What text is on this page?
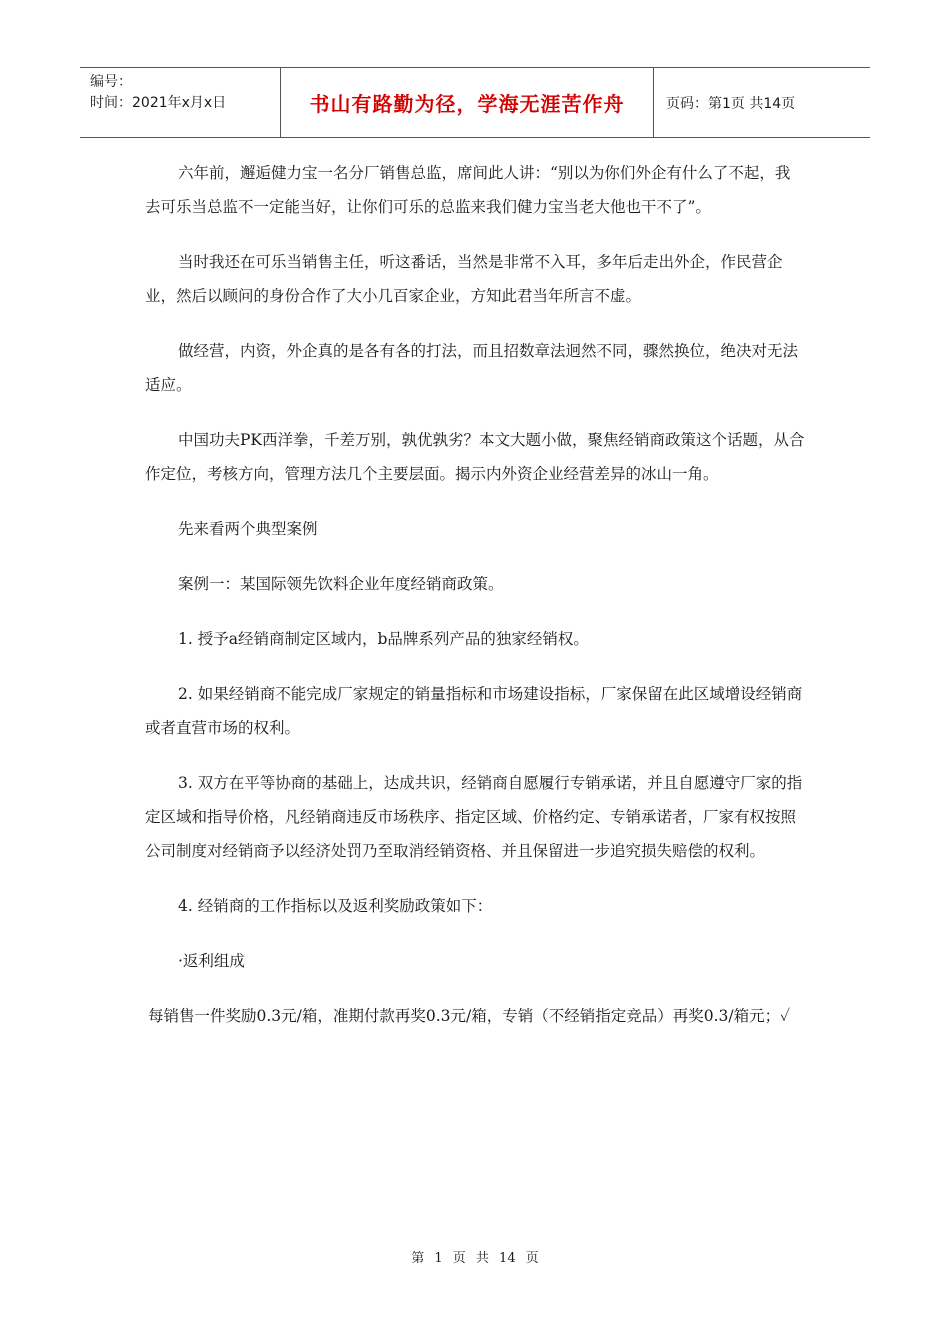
编号：
时间：2021年x月x日	书山有路勤为径，学海无涯苦作舟	页码：第1页 共14页

六年前，邂逅健力宝一名分厂销售总监，席间此人讲：“别以为你们外企有什么了不起，我去可乐当总监不一定能当好，让你们可乐的总监来我们健力宝当老大他也干不了”。

当时我还在可乐当销售主任，听这番话，当然是非常不入耳，多年后走出外企，作民营企业，然后以顾问的身份合作了大小几百家企业，方知此君当年所言不虚。

做经营，内资，外企真的是各有各的打法，而且招数章法迥然不同，骤然换位，绝决对无法适应。

中国功夫PK西洋拳，千差万别，孰优孰劣？本文大题小做，聚焦经销商政策这个话题，从合作定位，考核方向，管理方法几个主要层面。揭示内外资企业经营差异的冰山一角。

先来看两个典型案例

案例一：某国际领先饮料企业年度经销商政策。

1. 授予a经销商制定区域内，b品牌系列产品的独家经销权。

2. 如果经销商不能完成厂家规定的销量指标和市场建设指标，厂家保留在此区域增设经销商或者直营市场的权利。

3. 双方在平等协商的基础上，达成共识，经销商自愿履行专销承诺，并且自愿遵守厂家的指定区域和指导价格，凡经销商违反市场秩序、指定区域、价格约定、专销承诺者，厂家有权按照公司制度对经销商予以经济处罚乃至取消经销资格、并且保留进一步追究损失赔偿的权利。

4. 经销商的工作指标以及返利奖励政策如下：

·返利组成

每销售一件奖励0.3元/箱，准期付款再奖0.3元/箱，专销（不经销指定竞品）再奖0.3/箱元；✓

第 1 页 共 14 页
